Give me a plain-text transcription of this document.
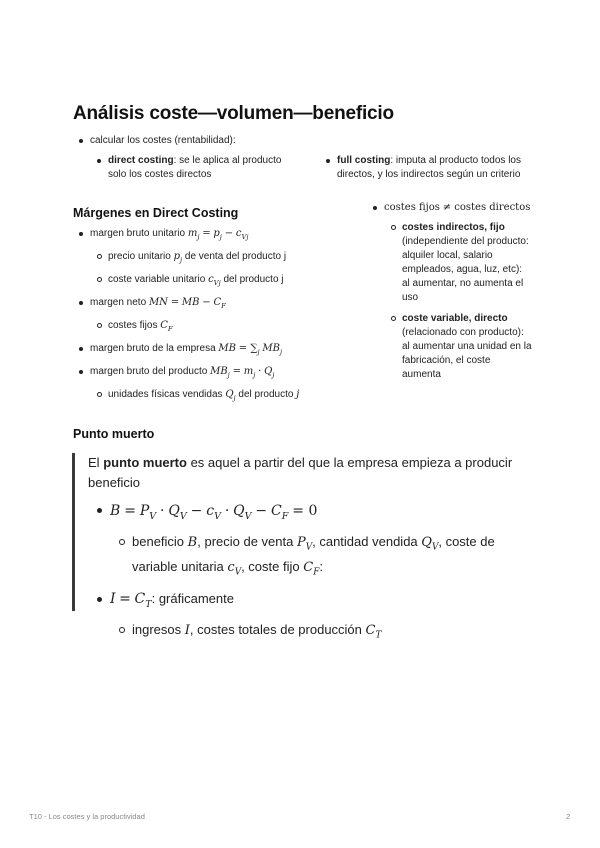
Análisis coste—volumen—beneficio
calcular los costes (rentabilidad):
direct costing: se le aplica al producto solo los costes directos
full costing: imputa al producto todos los directos, y los indirectos según un criterio
Márgenes en Direct Costing
margen bruto unitario $m_j = p_j - c_{Vj}$
precio unitario $p_j$ de venta del producto j
coste variable unitario $c_{Vj}$ del producto j
margen neto MN = MB − $C_F$
costes fijos $C_F$
margen bruto de la empresa MB = $\sum_j$ $MB_j$
margen bruto del producto $MB_j = m_j \cdot Q_j$
unidades físicas vendidas $Q_j$ del producto j
costes fijos ≠ costes directos
costes indirectos, fijo
(independiente del producto: alquiler local, salario empleados, agua, luz, etc): al aumentar, no aumenta el uso
coste variable, directo
(relacionado con producto): al aumentar una unidad en la fabricación, el coste aumenta
Punto muerto
El punto muerto es aquel a partir del que la empresa empieza a producir beneficio
$B = P_V \cdot Q_V - c_V \cdot Q_V - C_F = 0$
beneficio B, precio de venta $P_V$, cantidad vendida $Q_V$, coste de variable unitaria $c_V$, coste fijo $C_F$:
$I = C_T$: gráficamente
ingresos I, costes totales de producción $C_T$
T10 - Los costes y la productividad	2
